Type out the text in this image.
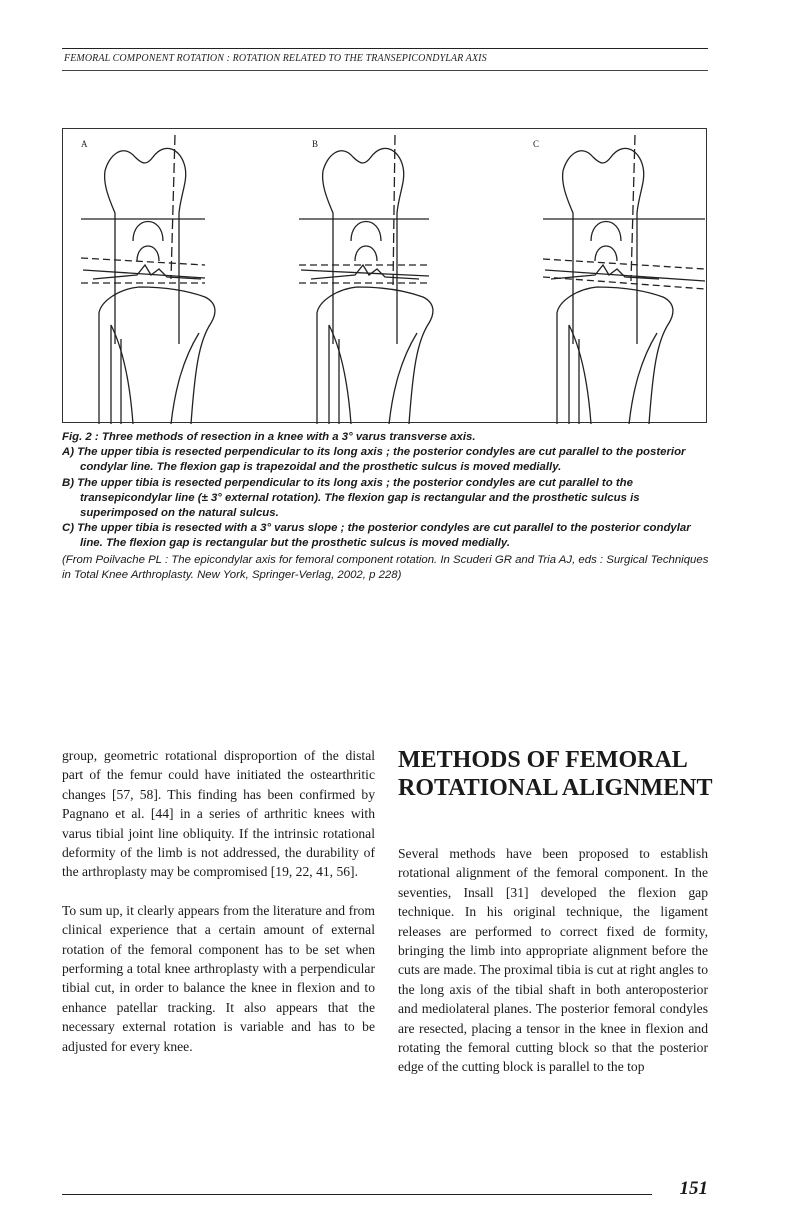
FEMORAL COMPONENT ROTATION : ROTATION RELATED TO THE TRANSEPICONDYLAR AXIS
A	B	C
Fig. 2 : Three methods of resection in a knee with a 3° varus transverse axis.
A) The upper tibia is resected perpendicular to its long axis ; the posterior condyles are cut parallel to the posterior condylar line. The flexion gap is trapezoidal and the prosthetic sulcus is moved medially.
B) The upper tibia is resected perpendicular to its long axis ; the posterior condyles are cut parallel to the transepicondylar line (± 3° external rotation). The flexion gap is rectangular and the prosthetic sulcus is superimposed on the natural sulcus.
C) The upper tibia is resected with a 3° varus slope ; the posterior condyles are cut parallel to the posterior condylar line. The flexion gap is rectangular but the prosthetic sulcus is moved medially.
(From Poilvache PL : The epicondylar axis for femoral component rotation. In Scuderi GR and Tria AJ, eds : Surgical Techniques in Total Knee Arthroplasty. New York, Springer-Verlag, 2002, p 228)

group, geometric rotational disproportion of the distal part of the femur could have initiated the ostearthritic changes [57, 58]. This finding has been confirmed by Pagnano et al. [44] in a series of arthritic knees with varus tibial joint line obliquity. If the intrinsic rotational deformity of the limb is not addressed, the durability of the arthroplasty may be compromised [19, 22, 41, 56].

To sum up, it clearly appears from the literature and from clinical experience that a certain amount of external rotation of the femoral component has to be set when performing a total knee arthroplasty with a perpendicular tibial cut, in order to balance the knee in flexion and to enhance patellar tracking. It also appears that the necessary external rotation is variable and has to be adjusted for every knee.

METHODS OF FEMORAL ROTATIONAL ALIGNMENT

Several methods have been proposed to establish rotational alignment of the femoral component. In the seventies, Insall [31] developed the flexion gap technique. In his original technique, the ligament releases are performed to correct fixed de formity, bringing the limb into appropriate alignment before the cuts are made. The proximal tibia is cut at right angles to the long axis of the tibial shaft in both anteroposterior and mediolateral planes. The posterior femoral condyles are resected, placing a tensor in the knee in flexion and rotating the femoral cutting block so that the posterior edge of the cutting block is parallel to the top

151
